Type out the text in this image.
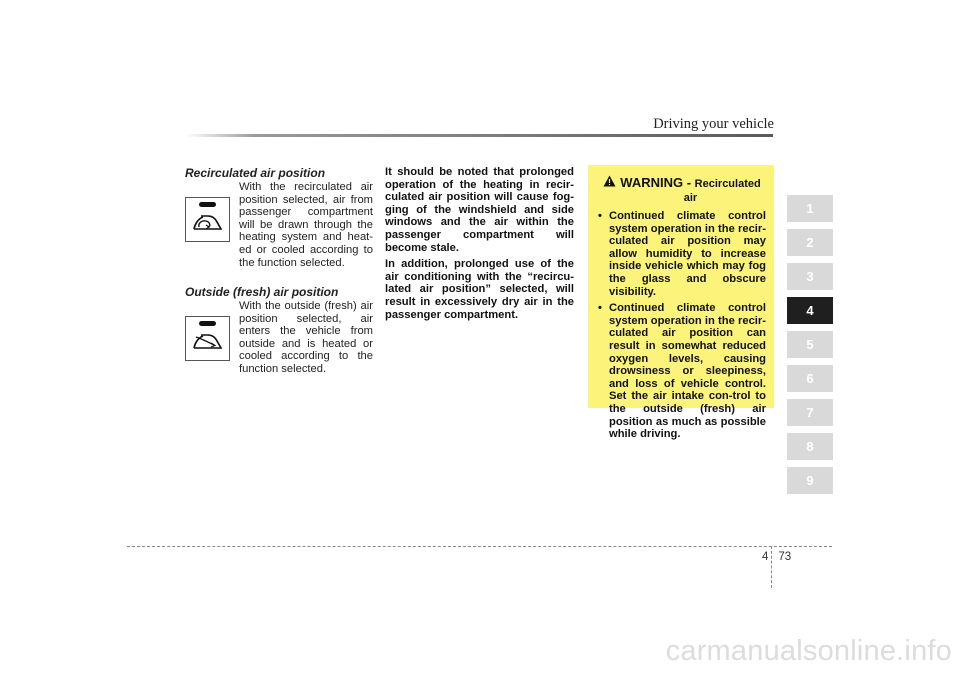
Driving your vehicle
Recirculated air position

With the recirculated air position selected, air from passenger compartment will be drawn through the heating system and heat-ed or cooled according to the function selected.

Outside (fresh) air position

With the outside (fresh) air position selected, air enters the vehicle from outside and is heated or cooled according to the function selected.

It should be noted that prolonged operation of the heating in recir-culated air position will cause fog-ging of the windshield and side windows and the air within the passenger compartment will become stale.

In addition, prolonged use of the air conditioning with the “recircu-lated air position” selected, will result in excessively dry air in the passenger compartment.

WARNING - Recirculated
air
• Continued climate control system operation in the recir-culated air position may allow humidity to increase inside vehicle which may fog the glass and obscure visibility.
• Continued climate control system operation in the recir-culated air position can result in somewhat reduced oxygen levels, causing drowsiness or sleepiness, and loss of vehicle control. Set the air intake con-trol to the outside (fresh) air position as much as possible while driving.
1
2
3
4
5
6
7
8
9
4 73
carmanualsonline.info
